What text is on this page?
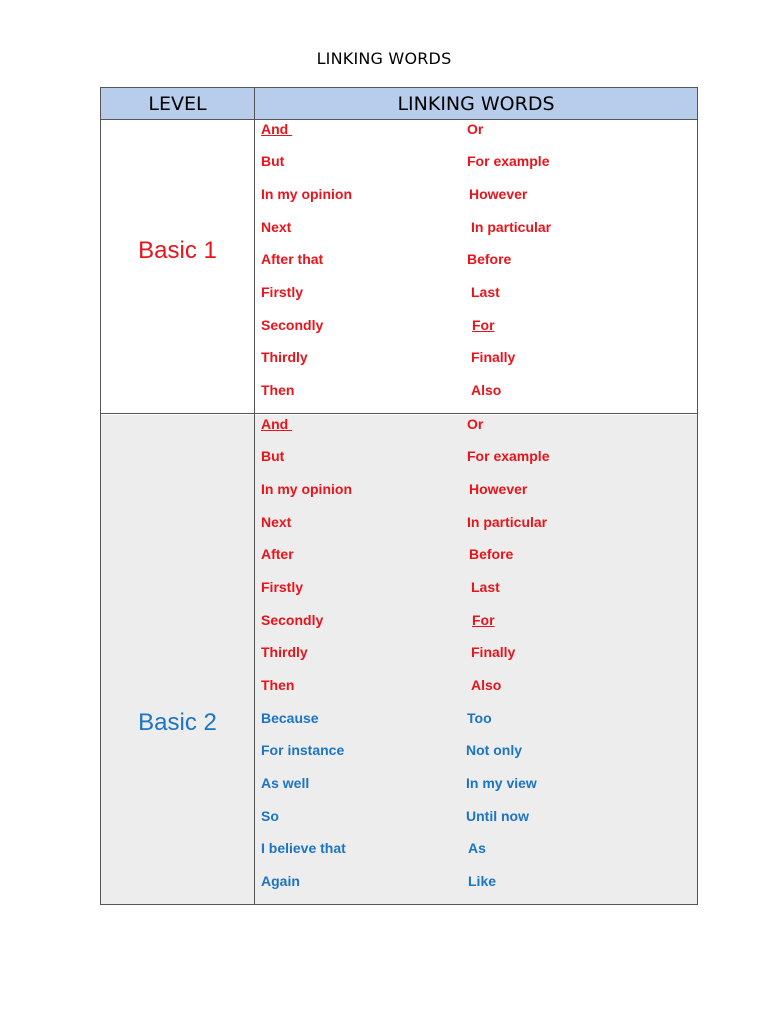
LINKING WORDS
LEVEL	LINKING WORDS
Basic 1
And	Or
But	For example
In my opinion	However
Next	In particular
After that	Before
Firstly	Last
Secondly	For
Thirdly	Finally
Then	Also
Basic 2
And	Or
But	For example
In my opinion	However
Next	In particular
After	Before
Firstly	Last
Secondly	For
Thirdly	Finally
Then	Also
Because	Too
For instance	Not only
As well	In my view
So	Until now
I believe that	As
Again	Like
